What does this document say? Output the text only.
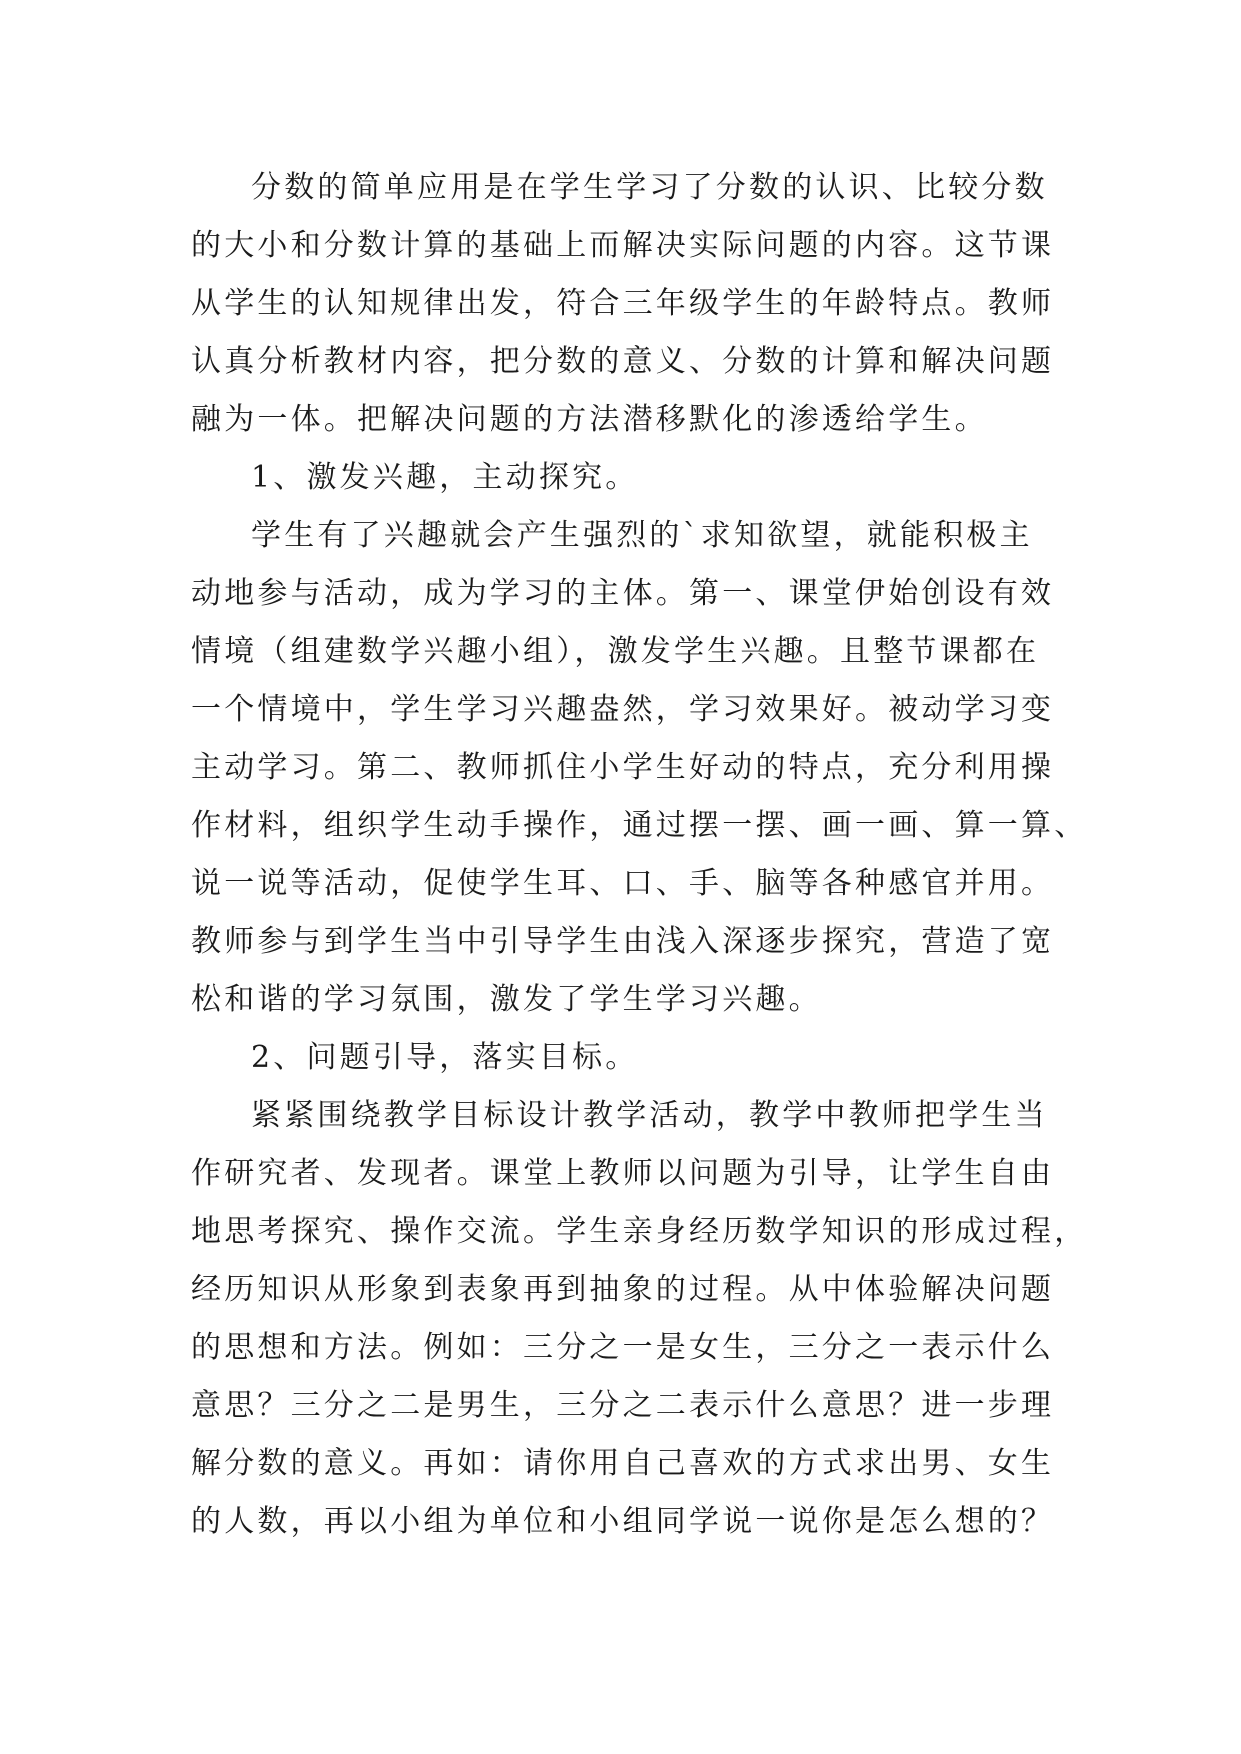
分数的简单应用是在学生学习了分数的认识、比较分数
的大小和分数计算的基础上而解决实际问题的内容。这节课
从学生的认知规律出发，符合三年级学生的年龄特点。教师
认真分析教材内容，把分数的意义、分数的计算和解决问题
融为一体。把解决问题的方法潜移默化的渗透给学生。
1、激发兴趣，主动探究。
学生有了兴趣就会产生强烈的`求知欲望，就能积极主
动地参与活动，成为学习的主体。第一、课堂伊始创设有效
情境（组建数学兴趣小组），激发学生兴趣。且整节课都在
一个情境中，学生学习兴趣盎然，学习效果好。被动学习变
主动学习。第二、教师抓住小学生好动的特点，充分利用操
作材料，组织学生动手操作，通过摆一摆、画一画、算一算、
说一说等活动，促使学生耳、口、手、脑等各种感官并用。
教师参与到学生当中引导学生由浅入深逐步探究，营造了宽
松和谐的学习氛围，激发了学生学习兴趣。
2、问题引导，落实目标。
紧紧围绕教学目标设计教学活动，教学中教师把学生当
作研究者、发现者。课堂上教师以问题为引导，让学生自由
地思考探究、操作交流。学生亲身经历数学知识的形成过程，
经历知识从形象到表象再到抽象的过程。从中体验解决问题
的思想和方法。例如：三分之一是女生，三分之一表示什么
意思？三分之二是男生，三分之二表示什么意思？进一步理
解分数的意义。再如：请你用自己喜欢的方式求出男、女生
的人数，再以小组为单位和小组同学说一说你是怎么想的？
